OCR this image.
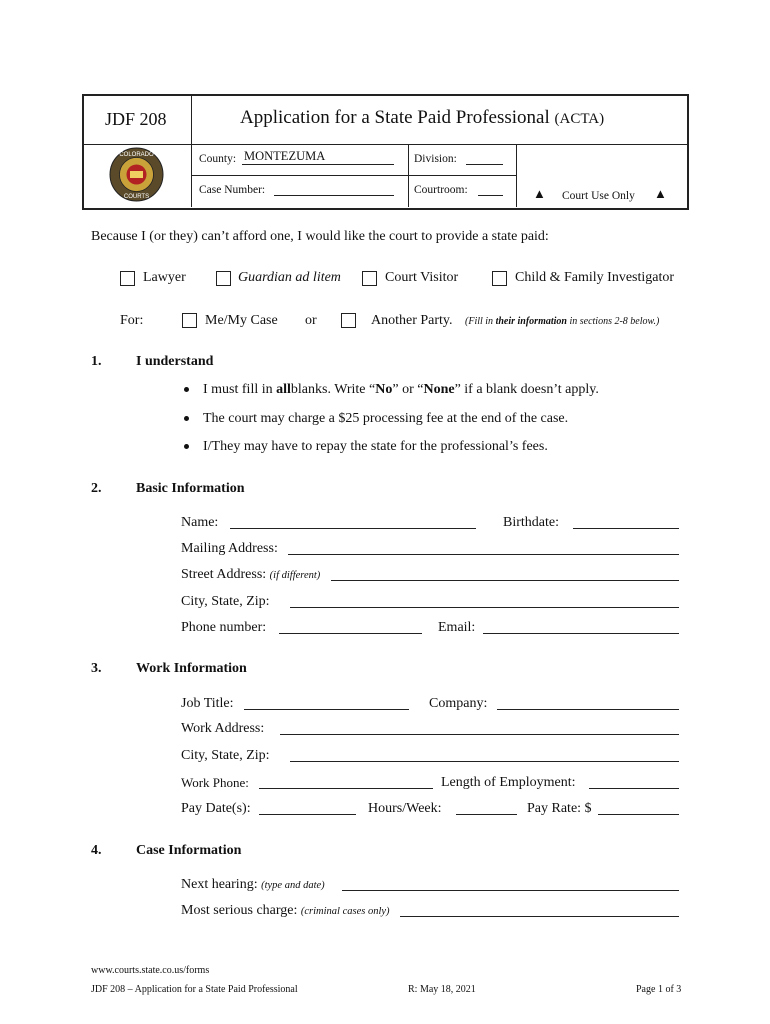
JDF 208	Application for a State Paid Professional (ACTA)
COLORADO
COURTS
County: MONTEZUMA	Division:
Case Number:	Courtroom:	▲ Court Use Only ▲
Because I (or they) can’t afford one, I would like the court to provide a state paid:
Lawyer	Guardian ad litem	Court Visitor	Child & Family Investigator
For:	Me/My Case or	Another Party. (Fill in their information in sections 2-8 below.)
1. I understand
I must fill in allblanks. Write “No” or “None” if a blank doesn’t apply.
The court may charge a $25 processing fee at the end of the case.
I/They may have to repay the state for the professional’s fees.
2. Basic Information
Name:	Birthdate:
Mailing Address:
Street Address: (if different)
City, State, Zip:
Phone number:	Email:
3. Work Information
Job Title:	Company:
Work Address:
City, State, Zip:
Work Phone:	Length of Employment:
Pay Date(s):	Hours/Week:	Pay Rate: $
4. Case Information
Next hearing: (type and date)
Most serious charge: (criminal cases only)
www.courts.state.co.us/forms
JDF 208 – Application for a State Paid Professional	R: May 18, 2021	Page 1 of 3
